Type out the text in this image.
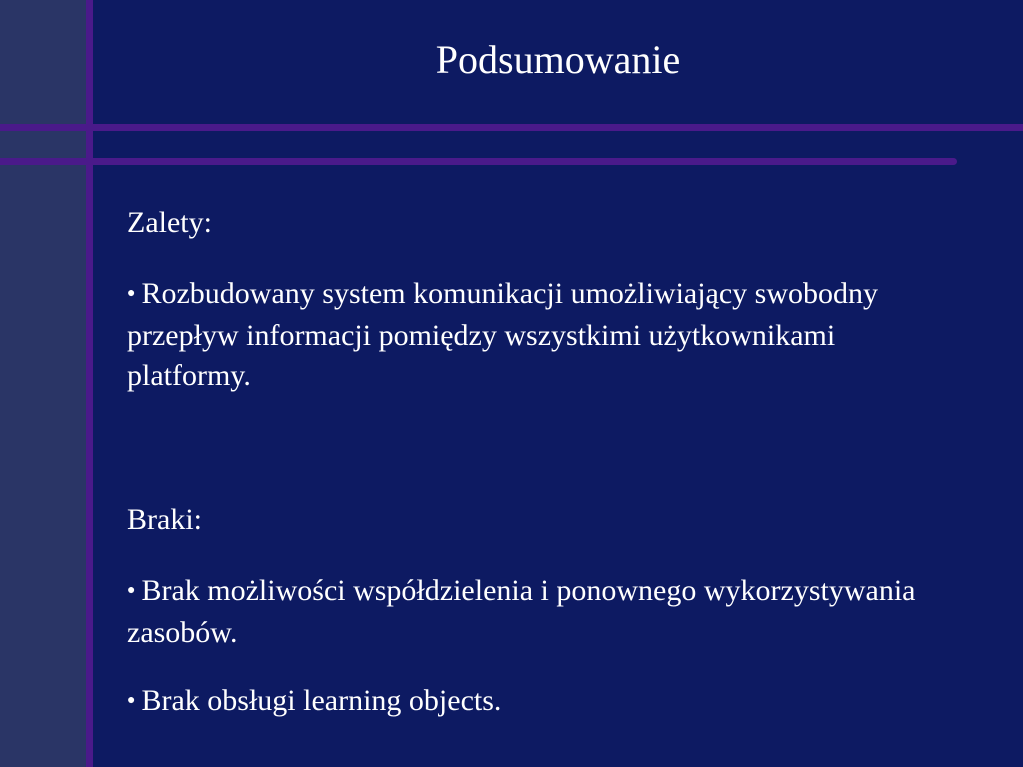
Podsumowanie

Zalety:

● Rozbudowany system komunikacji umożliwiający swobodny przepływ informacji pomiędzy wszystkimi użytkownikami platformy.

Braki:

● Brak możliwości współdzielenia i ponownego wykorzystywania zasobów.

● Brak obsługi learning objects.
